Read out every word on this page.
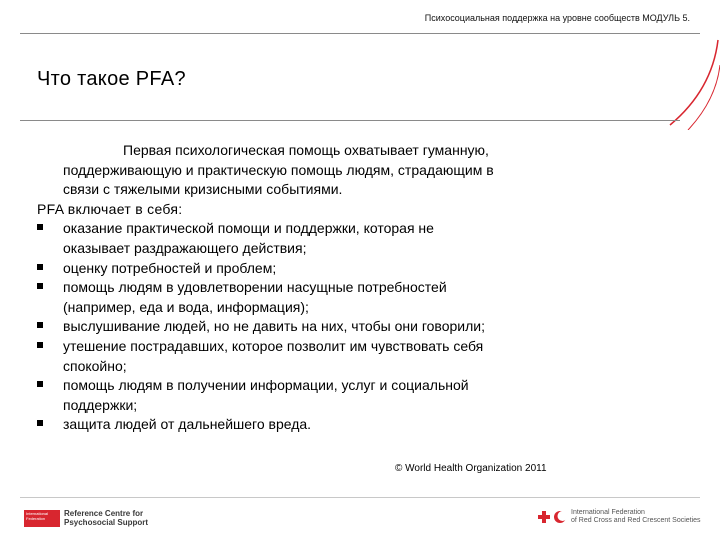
Психосоциальная поддержка на уровне сообществ МОДУЛЬ 5.
Что такое PFA?

Первая психологическая помощь охватывает гуманную,
поддерживающую и практическую помощь людям, страдающим в
связи с тяжелыми кризисными событиями.

PFA включает в себя:

оказание практической помощи и поддержки, которая не
оказывает раздражающего действия;
оценку потребностей и проблем;
помощь людям в удовлетворении насущные потребностей
(например, еда и вода, информация);
выслушивание людей, но не давить на них, чтобы они говорили;
утешение пострадавших, которое позволит им чувствовать себя
спокойно;
помощь людям в получении информации, услуг и социальной
поддержки;
защита людей от дальнейшего вреда.
© World Health Organization 2011
International Federation	Reference Centre for
Psychosocial Support
International Federation
of Red Cross and Red Crescent Societies
